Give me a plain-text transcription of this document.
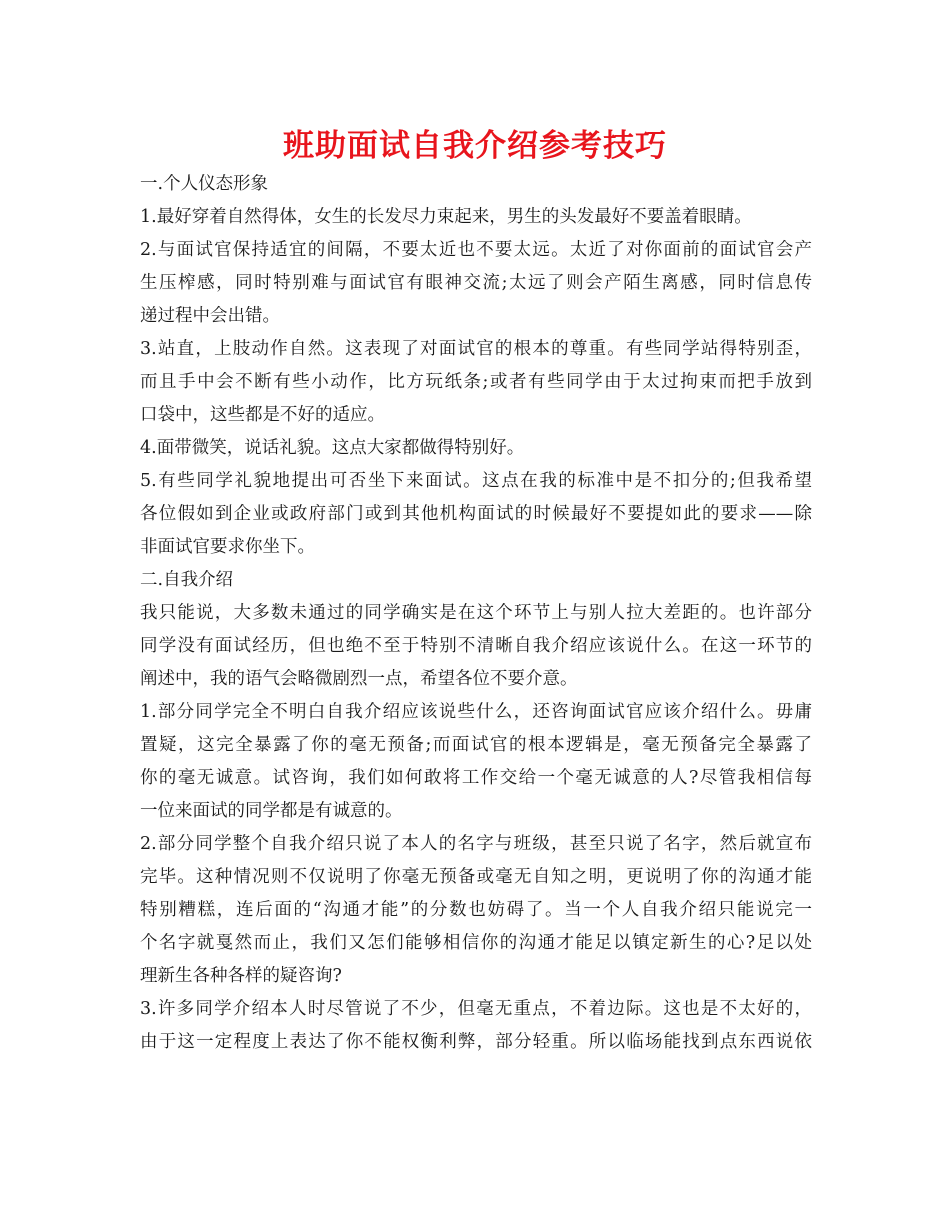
班助面试自我介绍参考技巧
一.个人仪态形象
1.最好穿着自然得体，女生的长发尽力束起来，男生的头发最好不要盖着眼睛。
2.与面试官保持适宜的间隔，不要太近也不要太远。太近了对你面前的面试官会产
生压榨感，同时特别难与面试官有眼神交流;太远了则会产陌生离感，同时信息传
递过程中会出错。
3.站直，上肢动作自然。这表现了对面试官的根本的尊重。有些同学站得特别歪，
而且手中会不断有些小动作，比方玩纸条;或者有些同学由于太过拘束而把手放到
口袋中，这些都是不好的适应。
4.面带微笑，说话礼貌。这点大家都做得特别好。
5.有些同学礼貌地提出可否坐下来面试。这点在我的标准中是不扣分的;但我希望
各位假如到企业或政府部门或到其他机构面试的时候最好不要提如此的要求——除
非面试官要求你坐下。
二.自我介绍
我只能说，大多数未通过的同学确实是在这个环节上与别人拉大差距的。也许部分
同学没有面试经历，但也绝不至于特别不清晰自我介绍应该说什么。在这一环节的
阐述中，我的语气会略微剧烈一点，希望各位不要介意。
1.部分同学完全不明白自我介绍应该说些什么，还咨询面试官应该介绍什么。毋庸
置疑，这完全暴露了你的毫无预备;而面试官的根本逻辑是，毫无预备完全暴露了
你的毫无诚意。试咨询，我们如何敢将工作交给一个毫无诚意的人?尽管我相信每
一位来面试的同学都是有诚意的。
2.部分同学整个自我介绍只说了本人的名字与班级，甚至只说了名字，然后就宣布
完毕。这种情况则不仅说明了你毫无预备或毫无自知之明，更说明了你的沟通才能
特别糟糕，连后面的“沟通才能”的分数也妨碍了。当一个人自我介绍只能说完一
个名字就戛然而止，我们又怎们能够相信你的沟通才能足以镇定新生的心?足以处
理新生各种各样的疑咨询?
3.许多同学介绍本人时尽管说了不少，但毫无重点，不着边际。这也是不太好的，
由于这一定程度上表达了你不能权衡利弊，部分轻重。所以临场能找到点东西说依
